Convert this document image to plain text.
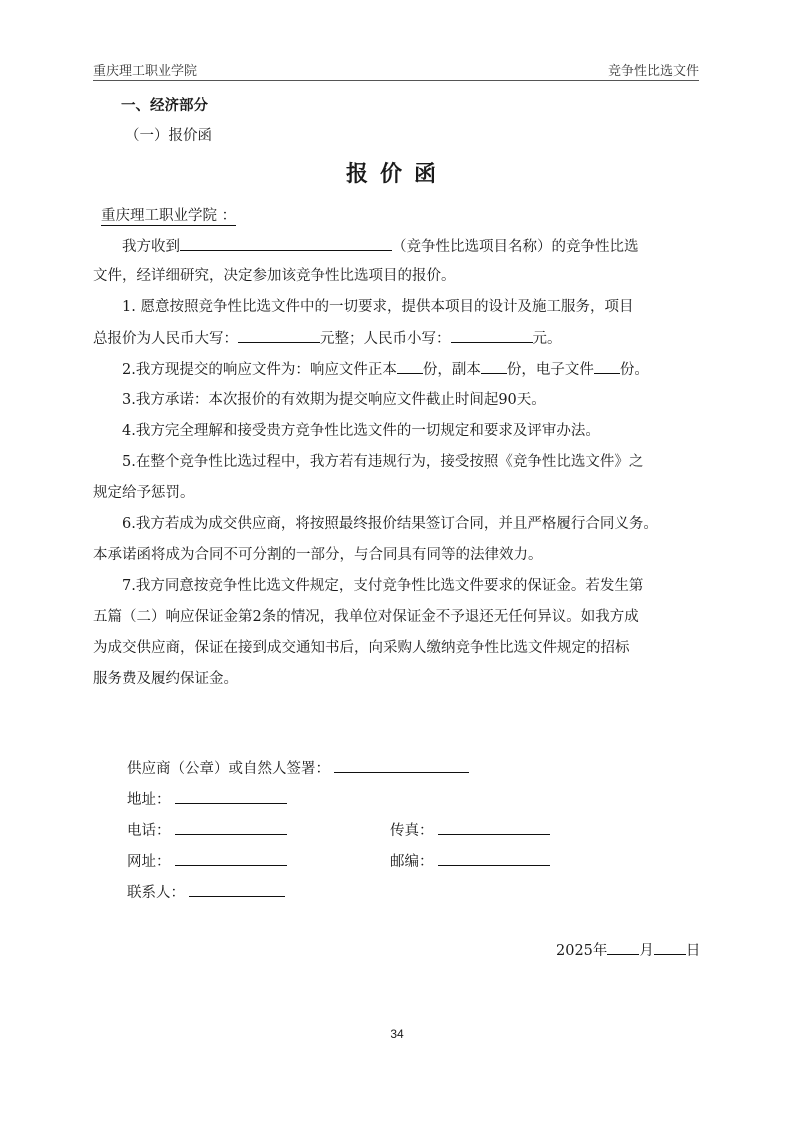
重庆理工职业学院	竞争性比选文件
一、经济部分
（一）报价函
报价函
重庆理工职业学院 ：
我方收到	（竞争性比选项目名称）的竞争性比选
文件，经详细研究，决定参加该竞争性比选项目的报价。
1. 愿意按照竞争性比选文件中的一切要求，提供本项目的设计及施工服务，项目
总报价为人民币大写：	元整；人民币小写：	元。
2.我方现提交的响应文件为：响应文件正本 份，副本 份，电子文件 份。
3.我方承诺：本次报价的有效期为提交响应文件截止时间起90天。
4.我方完全理解和接受贵方竞争性比选文件的一切规定和要求及评审办法。
5.在整个竞争性比选过程中，我方若有违规行为，接受按照《竞争性比选文件》之
规定给予惩罚。
6.我方若成为成交供应商，将按照最终报价结果签订合同，并且严格履行合同义务。
本承诺函将成为合同不可分割的一部分，与合同具有同等的法律效力。
7.我方同意按竞争性比选文件规定，支付竞争性比选文件要求的保证金。若发生第
五篇（二）响应保证金第2条的情况，我单位对保证金不予退还无任何异议。如我方成
为成交供应商，保证在接到成交通知书后，向采购人缴纳竞争性比选文件规定的招标
服务费及履约保证金。
供应商（公章）或自然人签署：
地址：
电话：	传真：
网址：	邮编：
联系人：
2025年 月 日
34
